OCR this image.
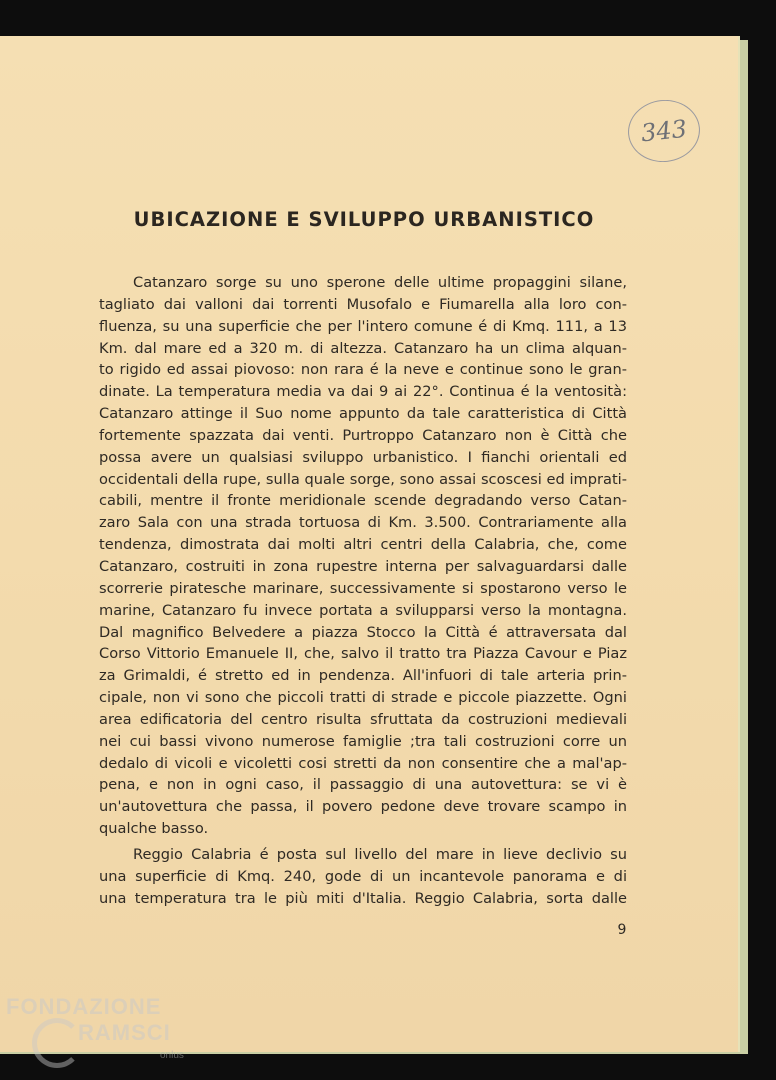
343
UBICAZIONE E SVILUPPO URBANISTICO

Catanzaro sorge su uno sperone delle ultime propaggini silane,

tagliato dai valloni dai torrenti Musofalo e Fiumarella alla loro con-

fluenza, su una superficie che per l'intero comune é di Kmq. 111, a 13

Km. dal mare ed a 320 m. di altezza. Catanzaro ha un clima alquan-

to rigido ed assai piovoso: non rara é la neve e continue sono le gran-

dinate. La temperatura media va dai 9 ai 22°. Continua é la ventosità:

Catanzaro attinge il Suo nome appunto da tale caratteristica di Città

fortemente spazzata dai venti. Purtroppo Catanzaro non è Città che

possa avere un qualsiasi sviluppo urbanistico. I fianchi orientali ed

occidentali della rupe, sulla quale sorge, sono assai scoscesi ed imprati-

cabili, mentre il fronte meridionale scende degradando verso Catan-

zaro Sala con una strada tortuosa di Km. 3.500. Contrariamente alla

tendenza, dimostrata dai molti altri centri della Calabria, che, come

Catanzaro, costruiti in zona rupestre interna per salvaguardarsi dalle

scorrerie piratesche marinare, successivamente si spostarono verso le

marine, Catanzaro fu invece portata a svilupparsi verso la montagna.

Dal magnifico Belvedere a piazza Stocco la Città é attraversata dal

Corso Vittorio Emanuele II, che, salvo il tratto tra Piazza Cavour e Piaz

za Grimaldi, é stretto ed in pendenza. All'infuori di tale arteria prin-

cipale, non vi sono che piccoli tratti di strade e piccole piazzette. Ogni

area edificatoria del centro risulta sfruttata da costruzioni medievali

nei cui bassi vivono numerose famiglie ;tra tali costruzioni corre un

dedalo di vicoli e vicoletti cosi stretti da non consentire che a mal'ap-

pena, e non in ogni caso, il passaggio di una autovettura: se vi è

un'autovettura che passa, il povero pedone deve trovare scampo in

qualche basso.

Reggio Calabria é posta sul livello del mare in lieve declivio su

una superficie di Kmq. 240, gode di un incantevole panorama e di

una temperatura tra le più miti d'Italia. Reggio Calabria, sorta dalle

9
FONDAZIONE
RAMSCI
onlus
